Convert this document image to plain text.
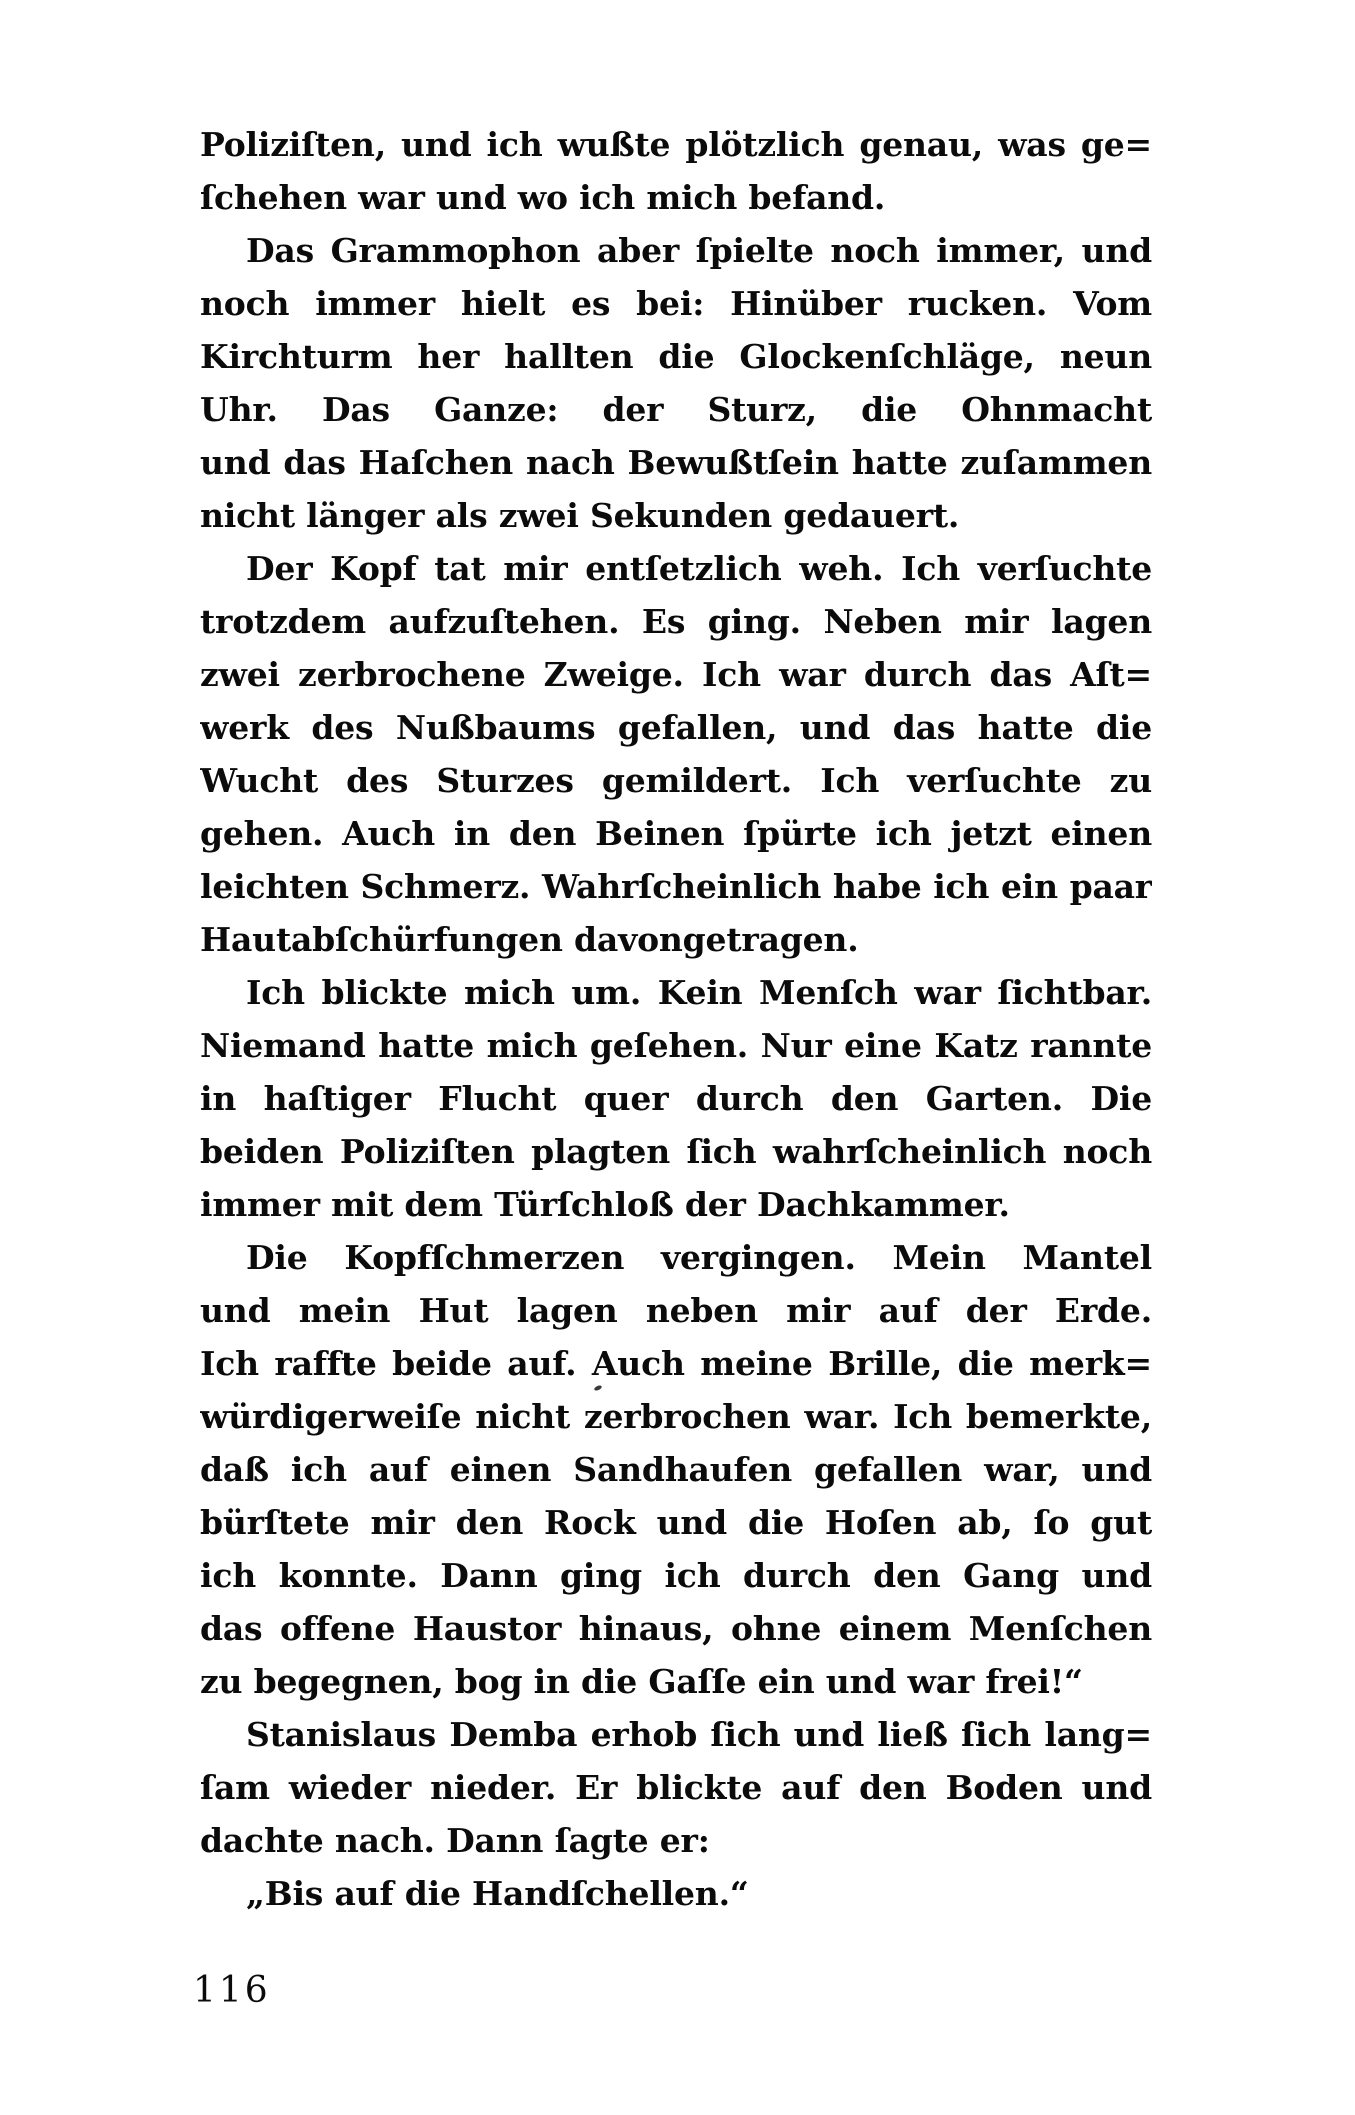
Poliziſten, und ich wußte plötzlich genau, was ge=
ſchehen war und wo ich mich befand.
Das Grammophon aber ſpielte noch immer, und
noch immer hielt es bei: Hinüber rucken. Vom
Kirchturm her hallten die Glockenſchläge, neun
Uhr. Das Ganze: der Sturz, die Ohnmacht
und das Haſchen nach Bewußtſein hatte zuſammen
nicht länger als zwei Sekunden gedauert.
Der Kopf tat mir entſetzlich weh. Ich verſuchte
trotzdem aufzuſtehen. Es ging. Neben mir lagen
zwei zerbrochene Zweige. Ich war durch das Aſt=
werk des Nußbaums gefallen, und das hatte die
Wucht des Sturzes gemildert. Ich verſuchte zu
gehen. Auch in den Beinen ſpürte ich jetzt einen
leichten Schmerz. Wahrſcheinlich habe ich ein paar
Hautabſchürfungen davongetragen.
Ich blickte mich um. Kein Menſch war ſichtbar.
Niemand hatte mich geſehen. Nur eine Katz rannte
in haſtiger Flucht quer durch den Garten. Die
beiden Poliziſten plagten ſich wahrſcheinlich noch
immer mit dem Türſchloß der Dachkammer.
Die Kopfſchmerzen vergingen. Mein Mantel
und mein Hut lagen neben mir auf der Erde.
Ich raffte beide auf. Auch meine Brille, die merk=
würdigerweiſe nicht zerbrochen war. Ich bemerkte,
daß ich auf einen Sandhaufen gefallen war, und
bürſtete mir den Rock und die Hoſen ab, ſo gut
ich konnte. Dann ging ich durch den Gang und
das offene Haustor hinaus, ohne einem Menſchen
zu begegnen, bog in die Gaſſe ein und war frei!“
Stanislaus Demba erhob ſich und ließ ſich lang=
ſam wieder nieder. Er blickte auf den Boden und
dachte nach. Dann ſagte er:
„Bis auf die Handſchellen.“
116
